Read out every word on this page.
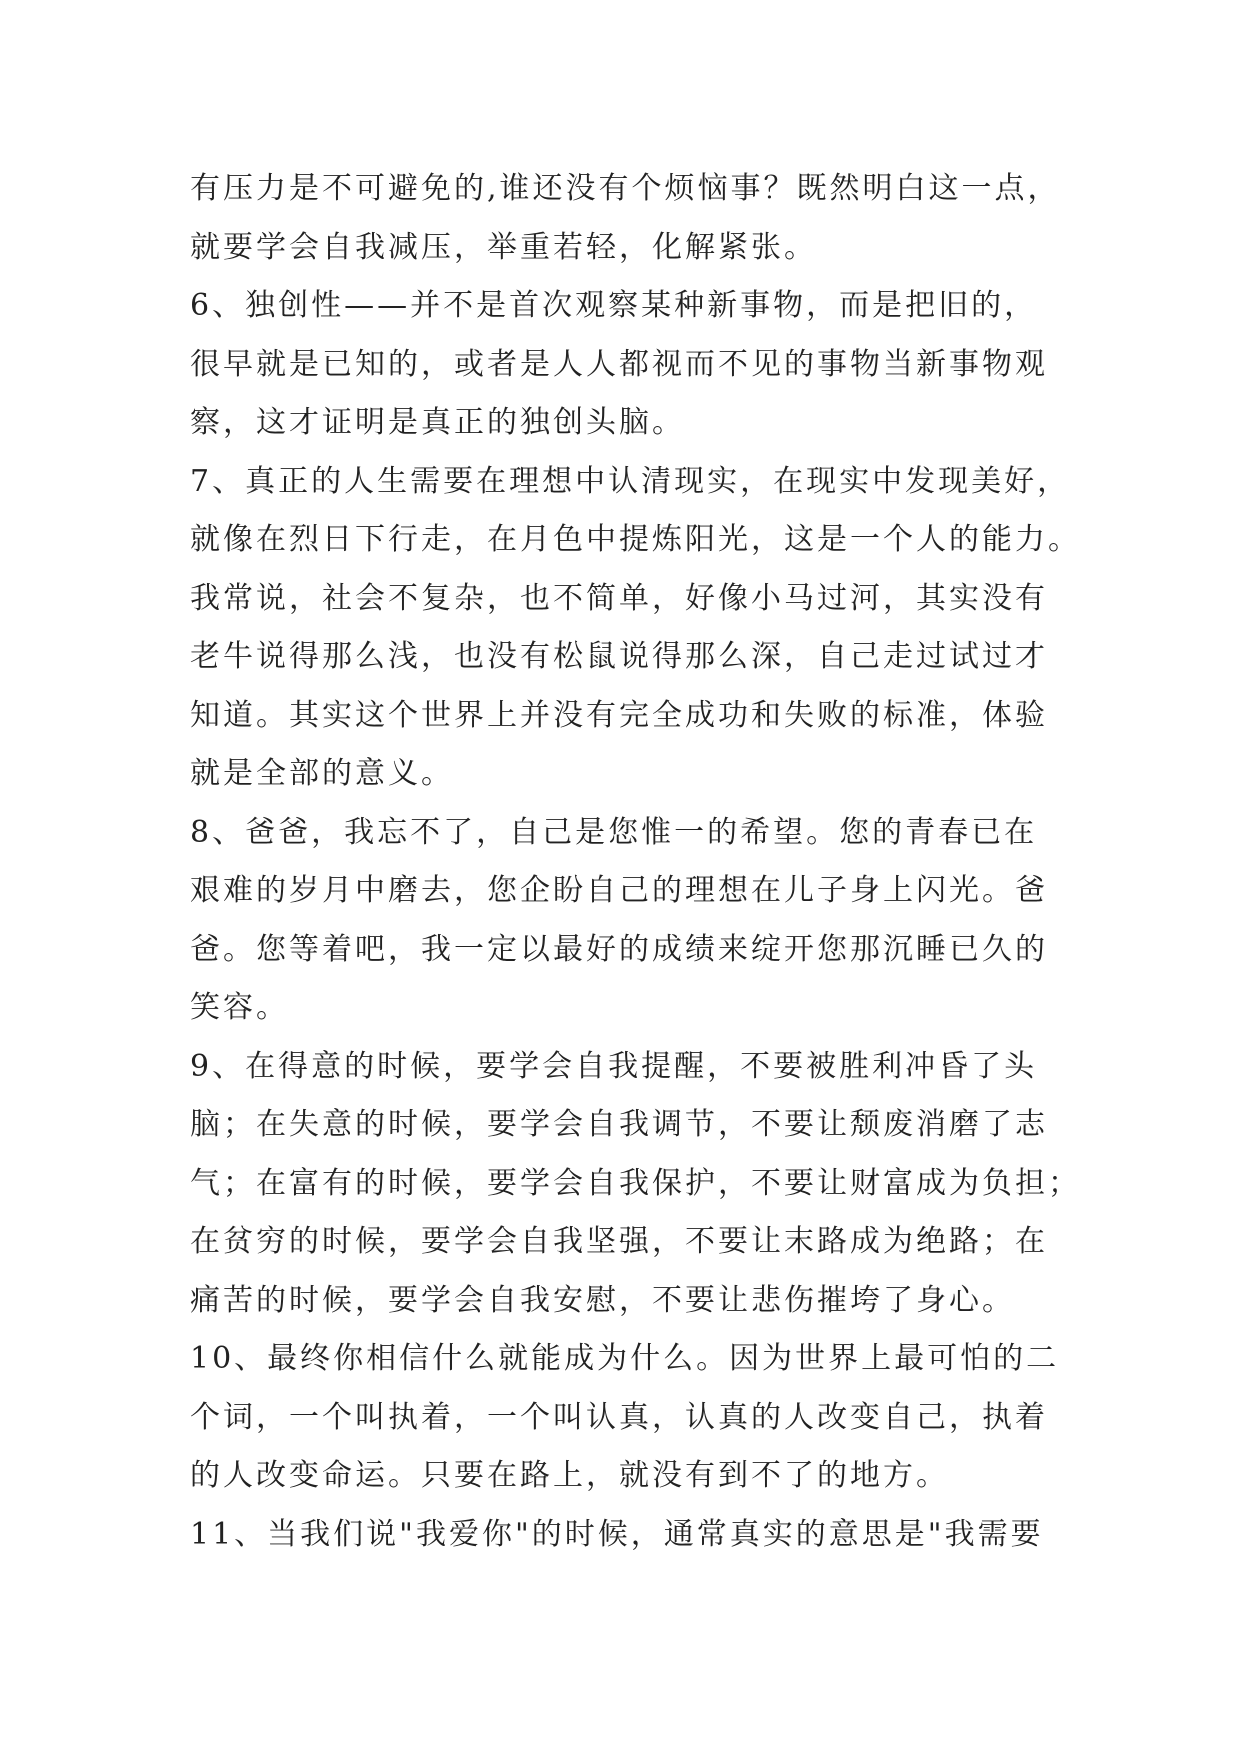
有压力是不可避免的,谁还没有个烦恼事？既然明白这一点，
就要学会自我减压，举重若轻，化解紧张。
6、独创性——并不是首次观察某种新事物，而是把旧的，
很早就是已知的，或者是人人都视而不见的事物当新事物观
察，这才证明是真正的独创头脑。
7、真正的人生需要在理想中认清现实，在现实中发现美好，
就像在烈日下行走，在月色中提炼阳光，这是一个人的能力。
我常说，社会不复杂，也不简单，好像小马过河，其实没有
老牛说得那么浅，也没有松鼠说得那么深，自己走过试过才
知道。其实这个世界上并没有完全成功和失败的标准，体验
就是全部的意义。
8、爸爸，我忘不了，自己是您惟一的希望。您的青春已在
艰难的岁月中磨去，您企盼自己的理想在儿子身上闪光。爸
爸。您等着吧，我一定以最好的成绩来绽开您那沉睡已久的
笑容。
9、在得意的时候，要学会自我提醒，不要被胜利冲昏了头
脑；在失意的时候，要学会自我调节，不要让颓废消磨了志
气；在富有的时候，要学会自我保护，不要让财富成为负担；
在贫穷的时候，要学会自我坚强，不要让末路成为绝路；在
痛苦的时候，要学会自我安慰，不要让悲伤摧垮了身心。
10、最终你相信什么就能成为什么。因为世界上最可怕的二
个词，一个叫执着，一个叫认真，认真的人改变自己，执着
的人改变命运。只要在路上，就没有到不了的地方。
11、当我们说"我爱你"的时候，通常真实的意思是"我需要
